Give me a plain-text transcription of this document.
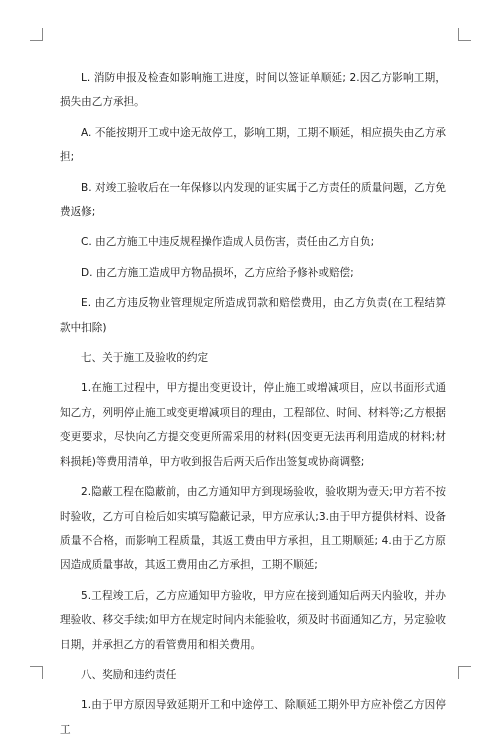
L. 消防申报及检查如影响施工进度，时间以签证单顺延; 2.因乙方影响工期，损失由乙方承担。

A. 不能按期开工或中途无故停工，影响工期，工期不顺延，相应损失由乙方承担;

B. 对竣工验收后在一年保修以内发现的证实属于乙方责任的质量问题，乙方免费返修;

C. 由乙方施工中违反规程操作造成人员伤害，责任由乙方自负;

D. 由乙方施工造成甲方物品损坏，乙方应给予修补或赔偿;

E. 由乙方违反物业管理规定所造成罚款和赔偿费用，由乙方负责(在工程结算款中扣除)

七、关于施工及验收的约定

1.在施工过程中，甲方提出变更设计，停止施工或增减项目，应以书面形式通知乙方，列明停止施工或变更增减项目的理由，工程部位、时间、材料等;乙方根据变更要求，尽快向乙方提交变更所需采用的材料(因变更无法再利用造成的材料;材料损耗)等费用清单，甲方收到报告后两天后作出签复或协商调整;

2.隐蔽工程在隐蔽前，由乙方通知甲方到现场验收，验收期为壹天;甲方若不按时验收，乙方可自检后如实填写隐蔽记录，甲方应承认;3.由于甲方提供材料、设备质量不合格，而影响工程质量，其返工费由甲方承担，且工期顺延; 4.由于乙方原因造成质量事故，其返工费用由乙方承担，工期不顺延;

5.工程竣工后，乙方应通知甲方验收，甲方应在接到通知后两天内验收，并办理验收、移交手续;如甲方在规定时间内未能验收，须及时书面通知乙方，另定验收日期，并承担乙方的看管费用和相关费用。

八、奖励和违约责任

1.由于甲方原因导致延期开工和中途停工、除顺延工期外甲方应补偿乙方因停工
